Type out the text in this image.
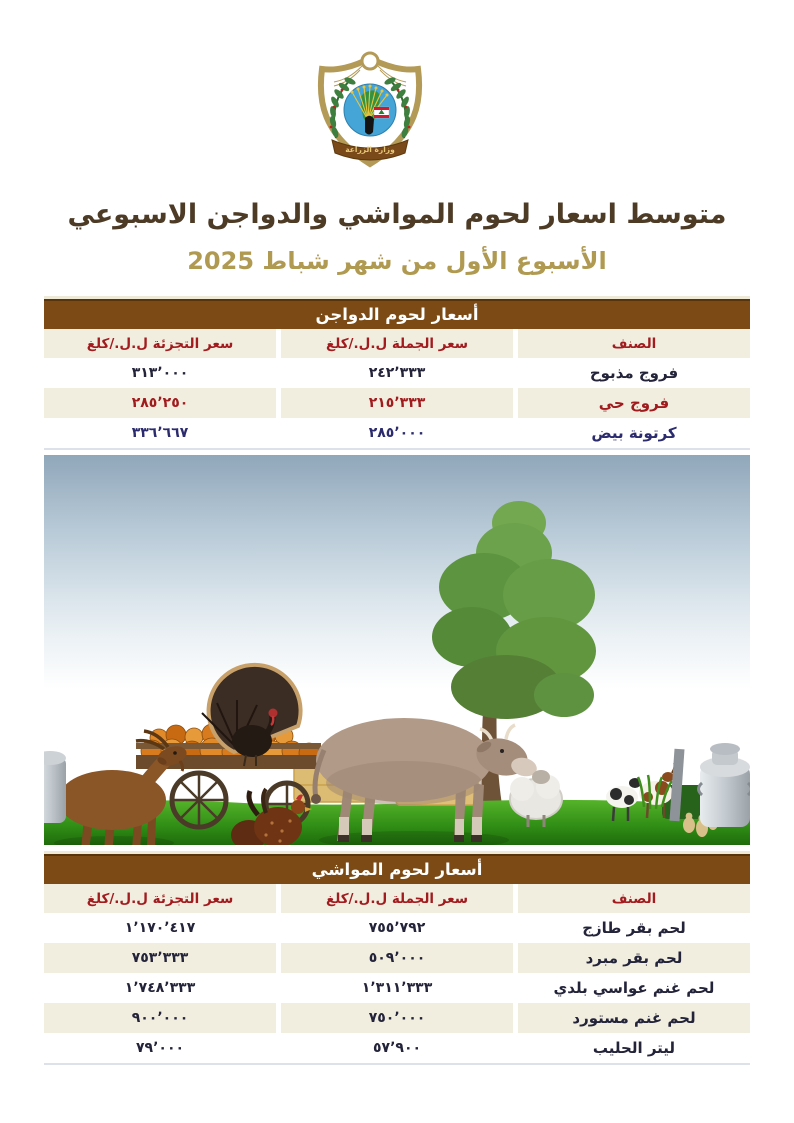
وزارة الزراعة
متوسط اسعار لحوم المواشي والدواجن الاسبوعي
الأسبوع الأول من شهر شباط 2025
أسعار لحوم الدواجن
الصنف
سعر الجملة ل.ل./كلغ
سعر التجزئة ل.ل./كلغ
فروج مذبوح
٢٤٢٬٣٣٣
٣١٣٬٠٠٠
فروج حي
٢١٥٬٣٣٣
٢٨٥٬٢٥٠
كرتونة بيض
٢٨٥٬٠٠٠
٣٣٦٬٦٦٧
أسعار لحوم المواشي
الصنف
سعر الجملة ل.ل./كلغ
سعر التجزئة ل.ل./كلغ
لحم بقر طازج
٧٥٥٬٧٩٢
١٬١٧٠٬٤١٧
لحم بقر مبرد
٥٠٩٬٠٠٠
٧٥٣٬٣٣٣
لحم غنم عواسي بلدي
١٬٣١١٬٣٣٣
١٬٧٤٨٬٣٣٣
لحم غنم مستورد
٧٥٠٬٠٠٠
٩٠٠٬٠٠٠
ليتر الحليب
٥٧٬٩٠٠
٧٩٬٠٠٠
